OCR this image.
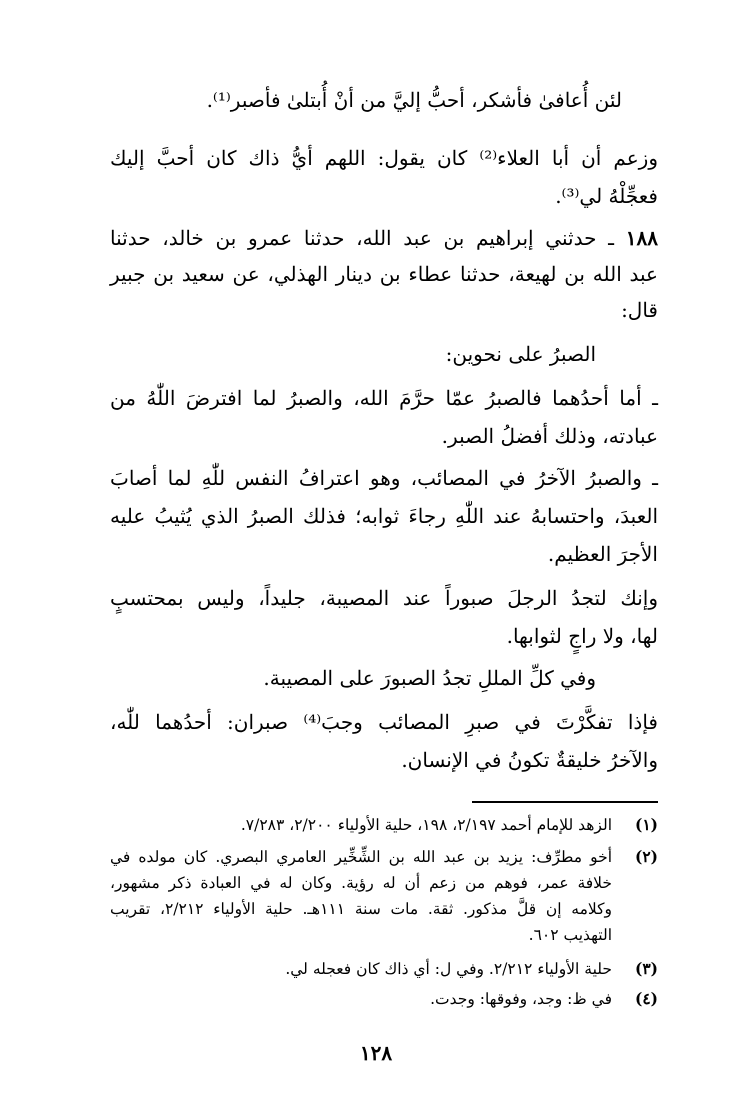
لئن أُعافىٰ فأشكر، أحبُّ إليَّ من أنْ أُبتلىٰ فأصبر⁽¹⁾.
وزعم أن أبا العلاء⁽²⁾ كان يقول: اللهم أيُّ ذاك كان أحبَّ إليك
فعجِّلْهُ لي⁽³⁾.
١٨٨
ـ حدثني إبراهيم بن عبد الله، حدثنا عمرو بن خالد، حدثنا
عبد الله بن لهيعة، حدثنا عطاء بن دينار الهذلي، عن سعيد بن جبير
قال:
الصبرُ على نحوين:
ـ أما أحدُهما فالصبرُ عمّا حرَّمَ الله، والصبرُ لما افترضَ اللّٰهُ من
عبادته، وذلك أفضلُ الصبر.
ـ والصبرُ الآخرُ في المصائب، وهو اعترافُ النفس للّٰهِ لما أصابَ
العبدَ، واحتسابهُ عند اللّٰهِ رجاءَ ثوابه؛ فذلك الصبرُ الذي يُثيبُ عليه
الأجرَ العظيم.
وإنك لتجدُ الرجلَ صبوراً عند المصيبة، جليداً، وليس بمحتسبٍ
لها، ولا راجٍ لثوابها.
وفي كلِّ المللِ تجدُ الصبورَ على المصيبة.
فإذا تفكَّرْتَ في صبرِ المصائب وجبَ⁽⁴⁾ صبران: أحدُهما للّٰه،
والآخرُ خليقةٌ تكونُ في الإنسان.
(١)
الزهد للإمام أحمد ٢/١٩٧، ١٩٨، حلية الأولياء ٢/٢٠٠، ٧/٢٨٣.
(٢)
أخو مطرِّف: يزيد بن عبد الله بن الشِّخِّير العامري البصري. كان مولده في
خلافة عمر، فوهم من زعم أن له رؤية. وكان له في العبادة ذكر مشهور،
وكلامه إن قلَّ مذكور. ثقة. مات سنة ١١١هـ. حلية الأولياء ٢/٢١٢، تقريب
التهذيب ٦٠٢.
(٣)
حلية الأولياء ٢/٢١٢. وفي ل: أي ذاك كان فعجله لي.
(٤)
في ظ: وجد، وفوقها: وجدت.
١٢٨
